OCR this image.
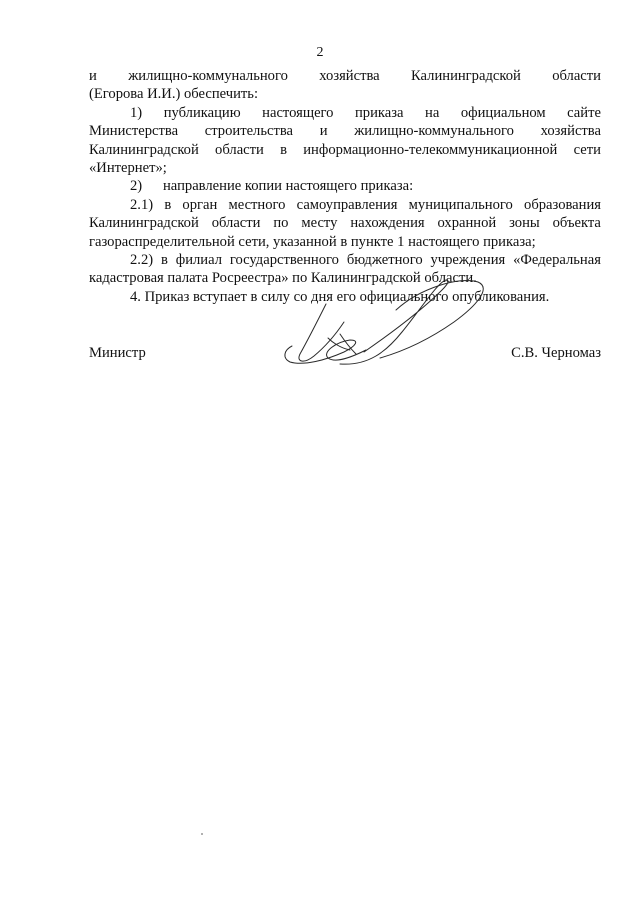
2
и жилищно-коммунального хозяйства Калининградской области
(Егорова И.И.) обеспечить:
1) публикацию настоящего приказа на официальном сайте
Министерства строительства и жилищно-коммунального хозяйства
Калининградской области в информационно-телекоммуникационной сети
«Интернет»;
2) направление копии настоящего приказа:
2.1) в орган местного самоуправления муниципального образования
Калининградской области по месту нахождения охранной зоны объекта
газораспределительной сети, указанной в пункте 1 настоящего приказа;
2.2) в филиал государственного бюджетного учреждения «Федеральная
кадастровая палата Росреестра» по Калининградской области.
4. Приказ вступает в силу со дня его официального опубликования.
Министр	С.В. Черномаз
